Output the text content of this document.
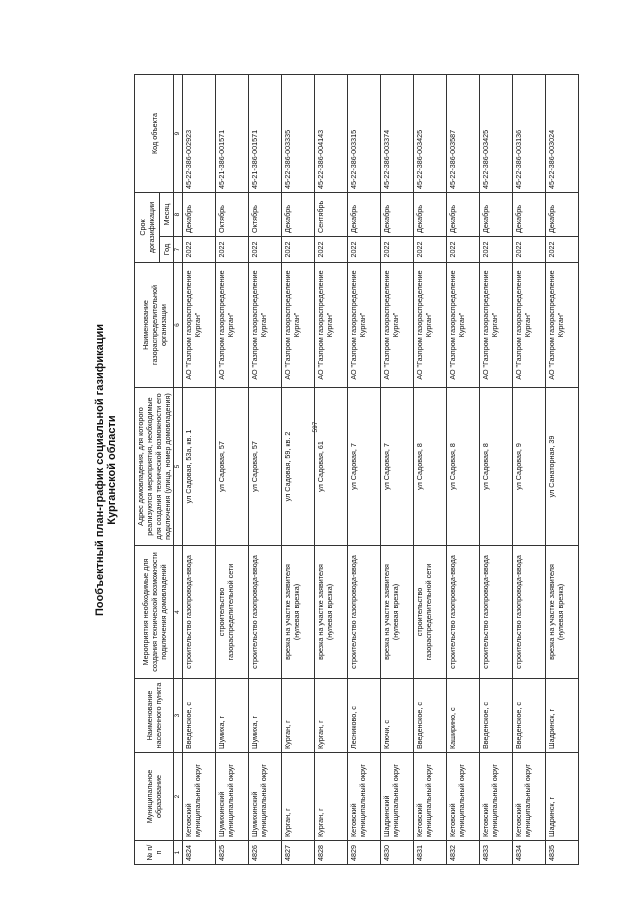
597
Пообъектный план-график социальной газификации Курганской области
№ п/п	Муниципальное образование	Наименование населенного пункта	Мероприятия необходимые для создания технической возможности подключения домовладений	Адрес домовладения, для которого реализуются мероприятия, необходимые для создания технической возможности его подключения (улица, номер домовладения)	Наименование газораспределительной организации	Срок догазификации		Код объекта
						Год	Месяц	
1	2	3	4	5	6	7	8	9
4824	Кетовский муниципальный округ	Введенское, с	строительство газопровода-ввода	ул Садовая, 53а, кв. 1	АО "Газпром газораспределение Курган"	2022	Декабрь	45-22-386-002923
4825	Шумихинский муниципальный округ	Шумиха, г	строительство газораспределительной сети	ул Садовая, 57	АО "Газпром газораспределение Курган"	2022	Октябрь	45-21-386-001571
4826	Шумихинский муниципальный округ	Шумиха, г	строительство газопровода-ввода	ул Садовая, 57	АО "Газпром газораспределение Курган"	2022	Октябрь	45-21-386-001571
4827	Курган, г	Курган, г	врезка на участке заявителя (нулевая врезка)	ул Садовая, 59, кв. 2	АО "Газпром газораспределение Курган"	2022	Декабрь	45-22-386-003335
4828	Курган, г	Курган, г	врезка на участке заявителя (нулевая врезка)	ул Садовая, 61	АО "Газпром газораспределение Курган"	2022	Сентябрь	45-22-386-004143
4829	Кетовский муниципальный округ	Лесниково, с	строительство газопровода-ввода	ул Садовая, 7	АО "Газпром газораспределение Курган"	2022	Декабрь	45-22-386-003315
4830	Шадринский муниципальный округ	Ключи, с	врезка на участке заявителя (нулевая врезка)	ул Садовая, 7	АО "Газпром газораспределение Курган"	2022	Декабрь	45-22-386-003374
4831	Кетовский муниципальный округ	Введенское, с	строительство газораспределительной сети	ул Садовая, 8	АО "Газпром газораспределение Курган"	2022	Декабрь	45-22-386-003425
4832	Кетовский муниципальный округ	Каширино, с	строительство газопровода-ввода	ул Садовая, 8	АО "Газпром газораспределение Курган"	2022	Декабрь	45-22-386-003587
4833	Кетовский муниципальный округ	Введенское, с	строительство газопровода-ввода	ул Садовая, 8	АО "Газпром газораспределение Курган"	2022	Декабрь	45-22-386-003425
4834	Кетовский муниципальный округ	Введенское, с	строительство газопровода-ввода	ул Садовая, 9	АО "Газпром газораспределение Курган"	2022	Декабрь	45-22-386-003136
4835	Шадринск, г	Шадринск, г	врезка на участке заявителя (нулевая врезка)	ул Санаторная, 39	АО "Газпром газораспределение Курган"	2022	Декабрь	45-22-386-003024
